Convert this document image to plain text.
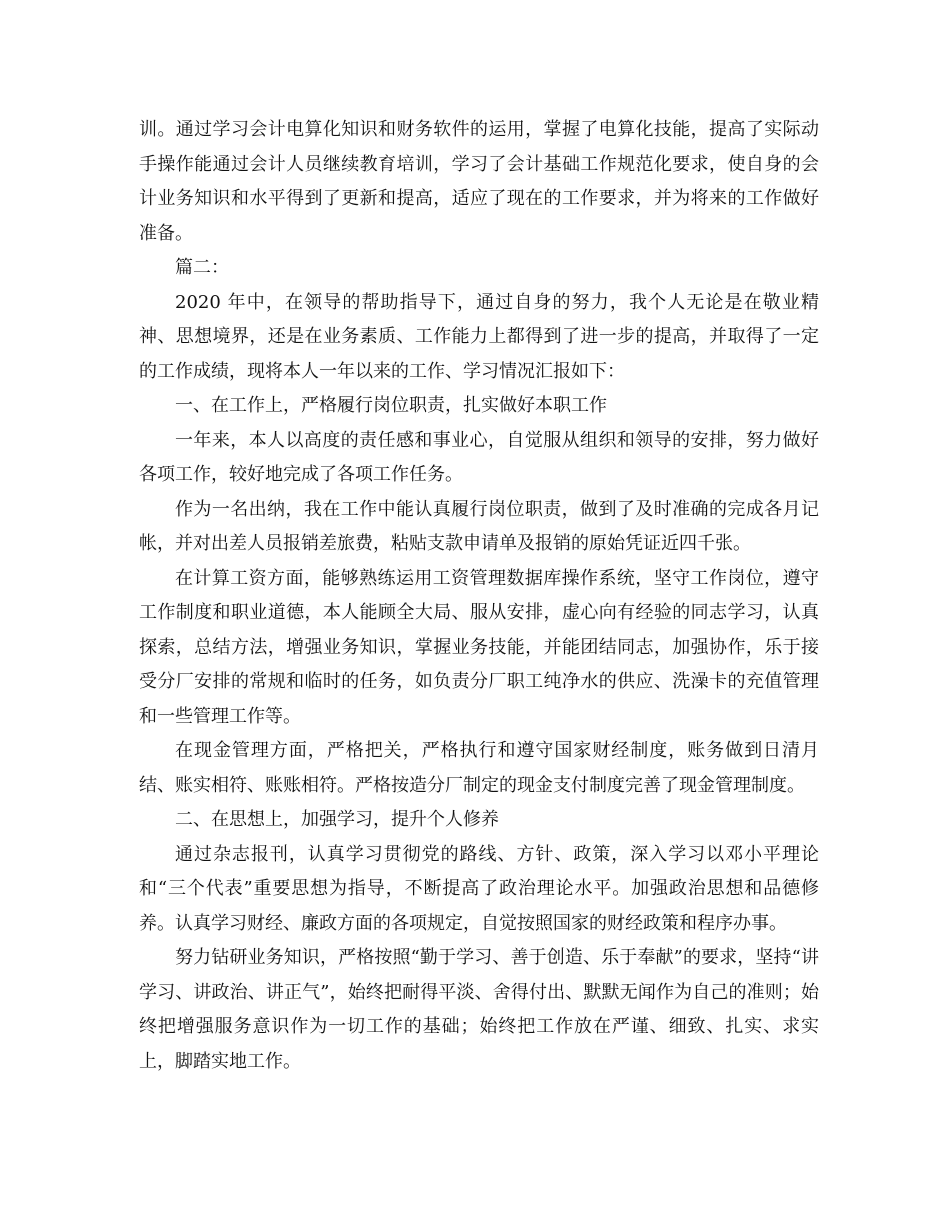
训。通过学习会计电算化知识和财务软件的运用，掌握了电算化技能，提高了实际动手操作能通过会计人员继续教育培训，学习了会计基础工作规范化要求，使自身的会计业务知识和水平得到了更新和提高，适应了现在的工作要求，并为将来的工作做好准备。

篇二：

2020 年中，在领导的帮助指导下，通过自身的努力，我个人无论是在敬业精神、思想境界，还是在业务素质、工作能力上都得到了进一步的提高，并取得了一定的工作成绩，现将本人一年以来的工作、学习情况汇报如下：

一、在工作上，严格履行岗位职责，扎实做好本职工作

一年来，本人以高度的责任感和事业心，自觉服从组织和领导的安排，努力做好各项工作，较好地完成了各项工作任务。

作为一名出纳，我在工作中能认真履行岗位职责，做到了及时准确的完成各月记帐，并对出差人员报销差旅费，粘贴支款申请单及报销的原始凭证近四千张。

在计算工资方面，能够熟练运用工资管理数据库操作系统，坚守工作岗位，遵守工作制度和职业道德，本人能顾全大局、服从安排，虚心向有经验的同志学习，认真探索，总结方法，增强业务知识，掌握业务技能，并能团结同志，加强协作，乐于接受分厂安排的常规和临时的任务，如负责分厂职工纯净水的供应、洗澡卡的充值管理和一些管理工作等。

在现金管理方面，严格把关，严格执行和遵守国家财经制度，账务做到日清月结、账实相符、账账相符。严格按造分厂制定的现金支付制度完善了现金管理制度。

二、在思想上，加强学习，提升个人修养

通过杂志报刊，认真学习贯彻党的路线、方针、政策，深入学习以邓小平理论和“三个代表”重要思想为指导，不断提高了政治理论水平。加强政治思想和品德修养。认真学习财经、廉政方面的各项规定，自觉按照国家的财经政策和程序办事。

努力钻研业务知识，严格按照“勤于学习、善于创造、乐于奉献”的要求，坚持“讲学习、讲政治、讲正气”，始终把耐得平淡、舍得付出、默默无闻作为自己的准则；始终把增强服务意识作为一切工作的基础；始终把工作放在严谨、细致、扎实、求实上，脚踏实地工作。
